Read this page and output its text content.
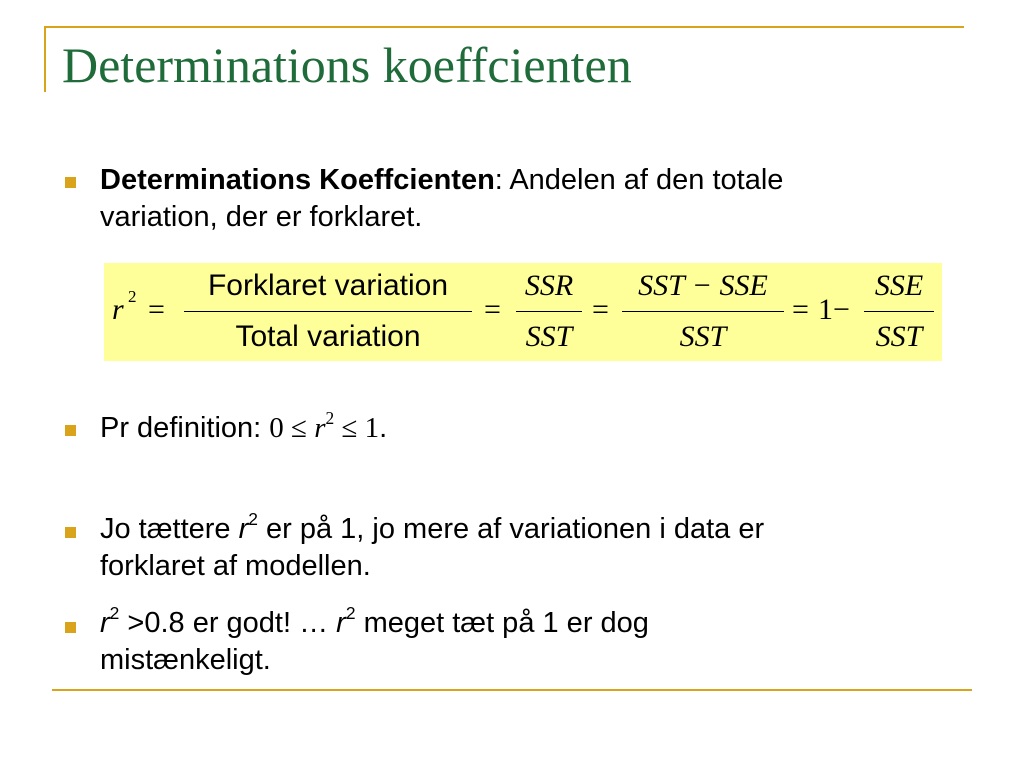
Determinations koeffcienten
Determinations Koeffcienten: Andelen af den totale
variation, der er forklaret.
r 2 =
Forklaret variation
Total variation
=
SSR
SST
=
SST − SSE
SST
= 1−
SSE
SST
Pr definition: $0 \le r^2 \le 1$.
Jo tættere $r^2$ er på 1, jo mere af variationen i data er
forklaret af modellen.
$r^2 >0.8$ er godt! … $r^2$ meget tæt på 1 er dog
mistænkeligt.
